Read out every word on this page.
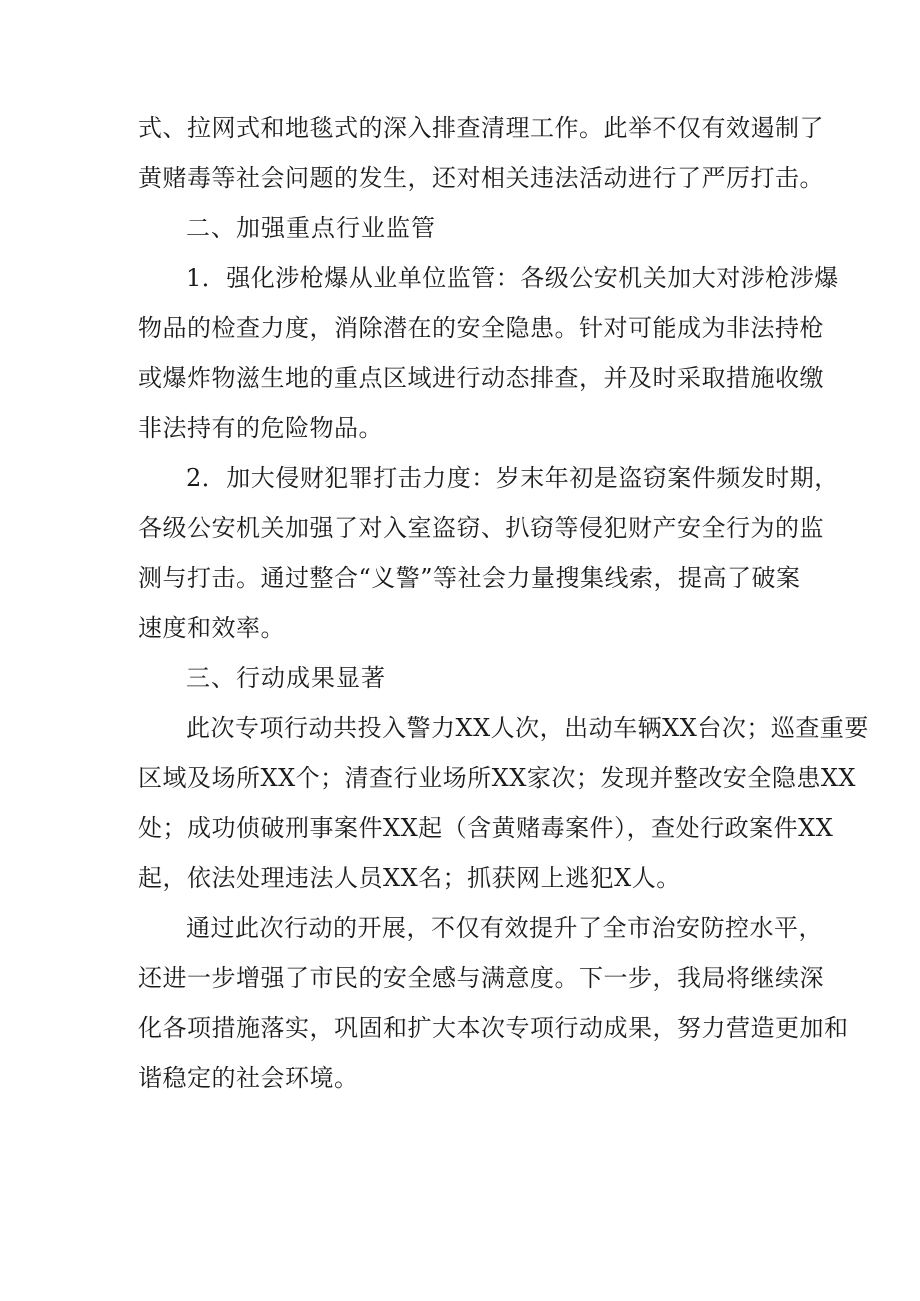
式、拉网式和地毯式的深入排查清理工作。此举不仅有效遏制了
黄赌毒等社会问题的发生，还对相关违法活动进行了严厉打击。
二、加强重点行业监管
1．强化涉枪爆从业单位监管：各级公安机关加大对涉枪涉爆
物品的检查力度，消除潜在的安全隐患。针对可能成为非法持枪
或爆炸物滋生地的重点区域进行动态排查，并及时采取措施收缴
非法持有的危险物品。
2．加大侵财犯罪打击力度：岁末年初是盗窃案件频发时期，
各级公安机关加强了对入室盗窃、扒窃等侵犯财产安全行为的监
测与打击。通过整合“义警”等社会力量搜集线索，提高了破案
速度和效率。
三、行动成果显著
此次专项行动共投入警力XX人次，出动车辆XX台次；巡查重要
区域及场所XX个；清查行业场所XX家次；发现并整改安全隐患XX
处；成功侦破刑事案件XX起（含黄赌毒案件），查处行政案件XX
起，依法处理违法人员XX名；抓获网上逃犯X人。
通过此次行动的开展，不仅有效提升了全市治安防控水平，
还进一步增强了市民的安全感与满意度。下一步，我局将继续深
化各项措施落实，巩固和扩大本次专项行动成果，努力营造更加和
谐稳定的社会环境。
